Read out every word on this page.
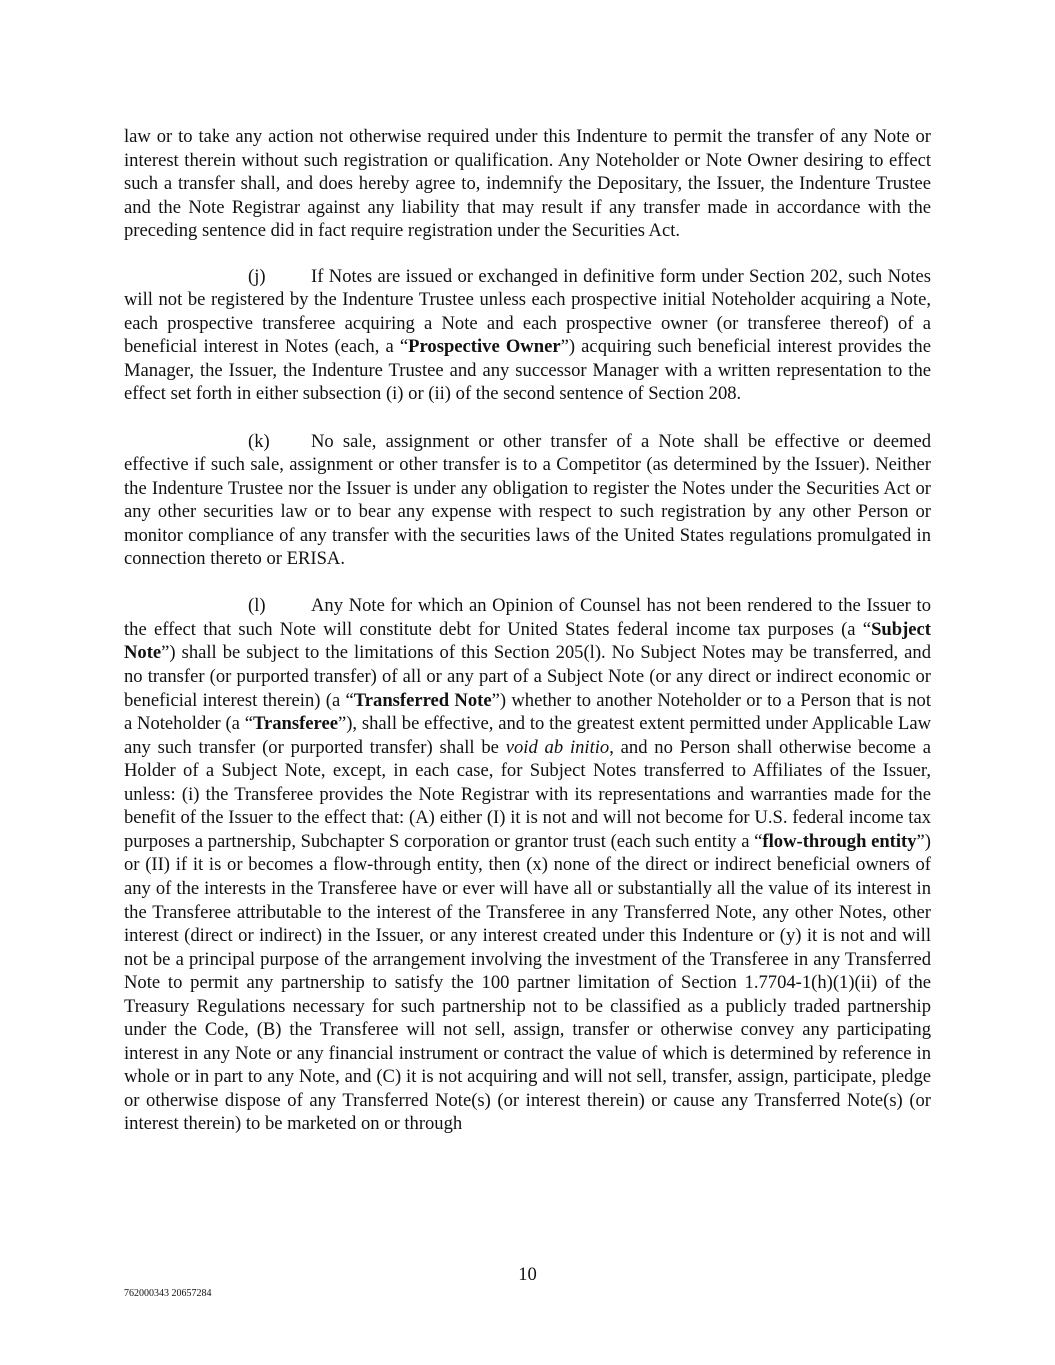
law or to take any action not otherwise required under this Indenture to permit the transfer of any Note or interest therein without such registration or qualification. Any Noteholder or Note Owner desiring to effect such a transfer shall, and does hereby agree to, indemnify the Depositary, the Issuer, the Indenture Trustee and the Note Registrar against any liability that may result if any transfer made in accordance with the preceding sentence did in fact require registration under the Securities Act.

(j) If Notes are issued or exchanged in definitive form under Section 202, such Notes will not be registered by the Indenture Trustee unless each prospective initial Noteholder acquiring a Note, each prospective transferee acquiring a Note and each prospective owner (or transferee thereof) of a beneficial interest in Notes (each, a “Prospective Owner”) acquiring such beneficial interest provides the Manager, the Issuer, the Indenture Trustee and any successor Manager with a written representation to the effect set forth in either subsection (i) or (ii) of the second sentence of Section 208.

(k) No sale, assignment or other transfer of a Note shall be effective or deemed effective if such sale, assignment or other transfer is to a Competitor (as determined by the Issuer). Neither the Indenture Trustee nor the Issuer is under any obligation to register the Notes under the Securities Act or any other securities law or to bear any expense with respect to such registration by any other Person or monitor compliance of any transfer with the securities laws of the United States regulations promulgated in connection thereto or ERISA.

(l) Any Note for which an Opinion of Counsel has not been rendered to the Issuer to the effect that such Note will constitute debt for United States federal income tax purposes (a “Subject Note”) shall be subject to the limitations of this Section 205(l). No Subject Notes may be transferred, and no transfer (or purported transfer) of all or any part of a Subject Note (or any direct or indirect economic or beneficial interest therein) (a “Transferred Note”) whether to another Noteholder or to a Person that is not a Noteholder (a “Transferee”), shall be effective, and to the greatest extent permitted under Applicable Law any such transfer (or purported transfer) shall be void ab initio, and no Person shall otherwise become a Holder of a Subject Note, except, in each case, for Subject Notes transferred to Affiliates of the Issuer, unless: (i) the Transferee provides the Note Registrar with its representations and warranties made for the benefit of the Issuer to the effect that: (A) either (I) it is not and will not become for U.S. federal income tax purposes a partnership, Subchapter S corporation or grantor trust (each such entity a “flow-through entity”) or (II) if it is or becomes a flow-through entity, then (x) none of the direct or indirect beneficial owners of any of the interests in the Transferee have or ever will have all or substantially all the value of its interest in the Transferee attributable to the interest of the Transferee in any Transferred Note, any other Notes, other interest (direct or indirect) in the Issuer, or any interest created under this Indenture or (y) it is not and will not be a principal purpose of the arrangement involving the investment of the Transferee in any Transferred Note to permit any partnership to satisfy the 100 partner limitation of Section 1.7704-1(h)(1)(ii) of the Treasury Regulations necessary for such partnership not to be classified as a publicly traded partnership under the Code, (B) the Transferee will not sell, assign, transfer or otherwise convey any participating interest in any Note or any financial instrument or contract the value of which is determined by reference in whole or in part to any Note, and (C) it is not acquiring and will not sell, transfer, assign, participate, pledge or otherwise dispose of any Transferred Note(s) (or interest therein) or cause any Transferred Note(s) (or interest therein) to be marketed on or through

10
762000343 20657284
